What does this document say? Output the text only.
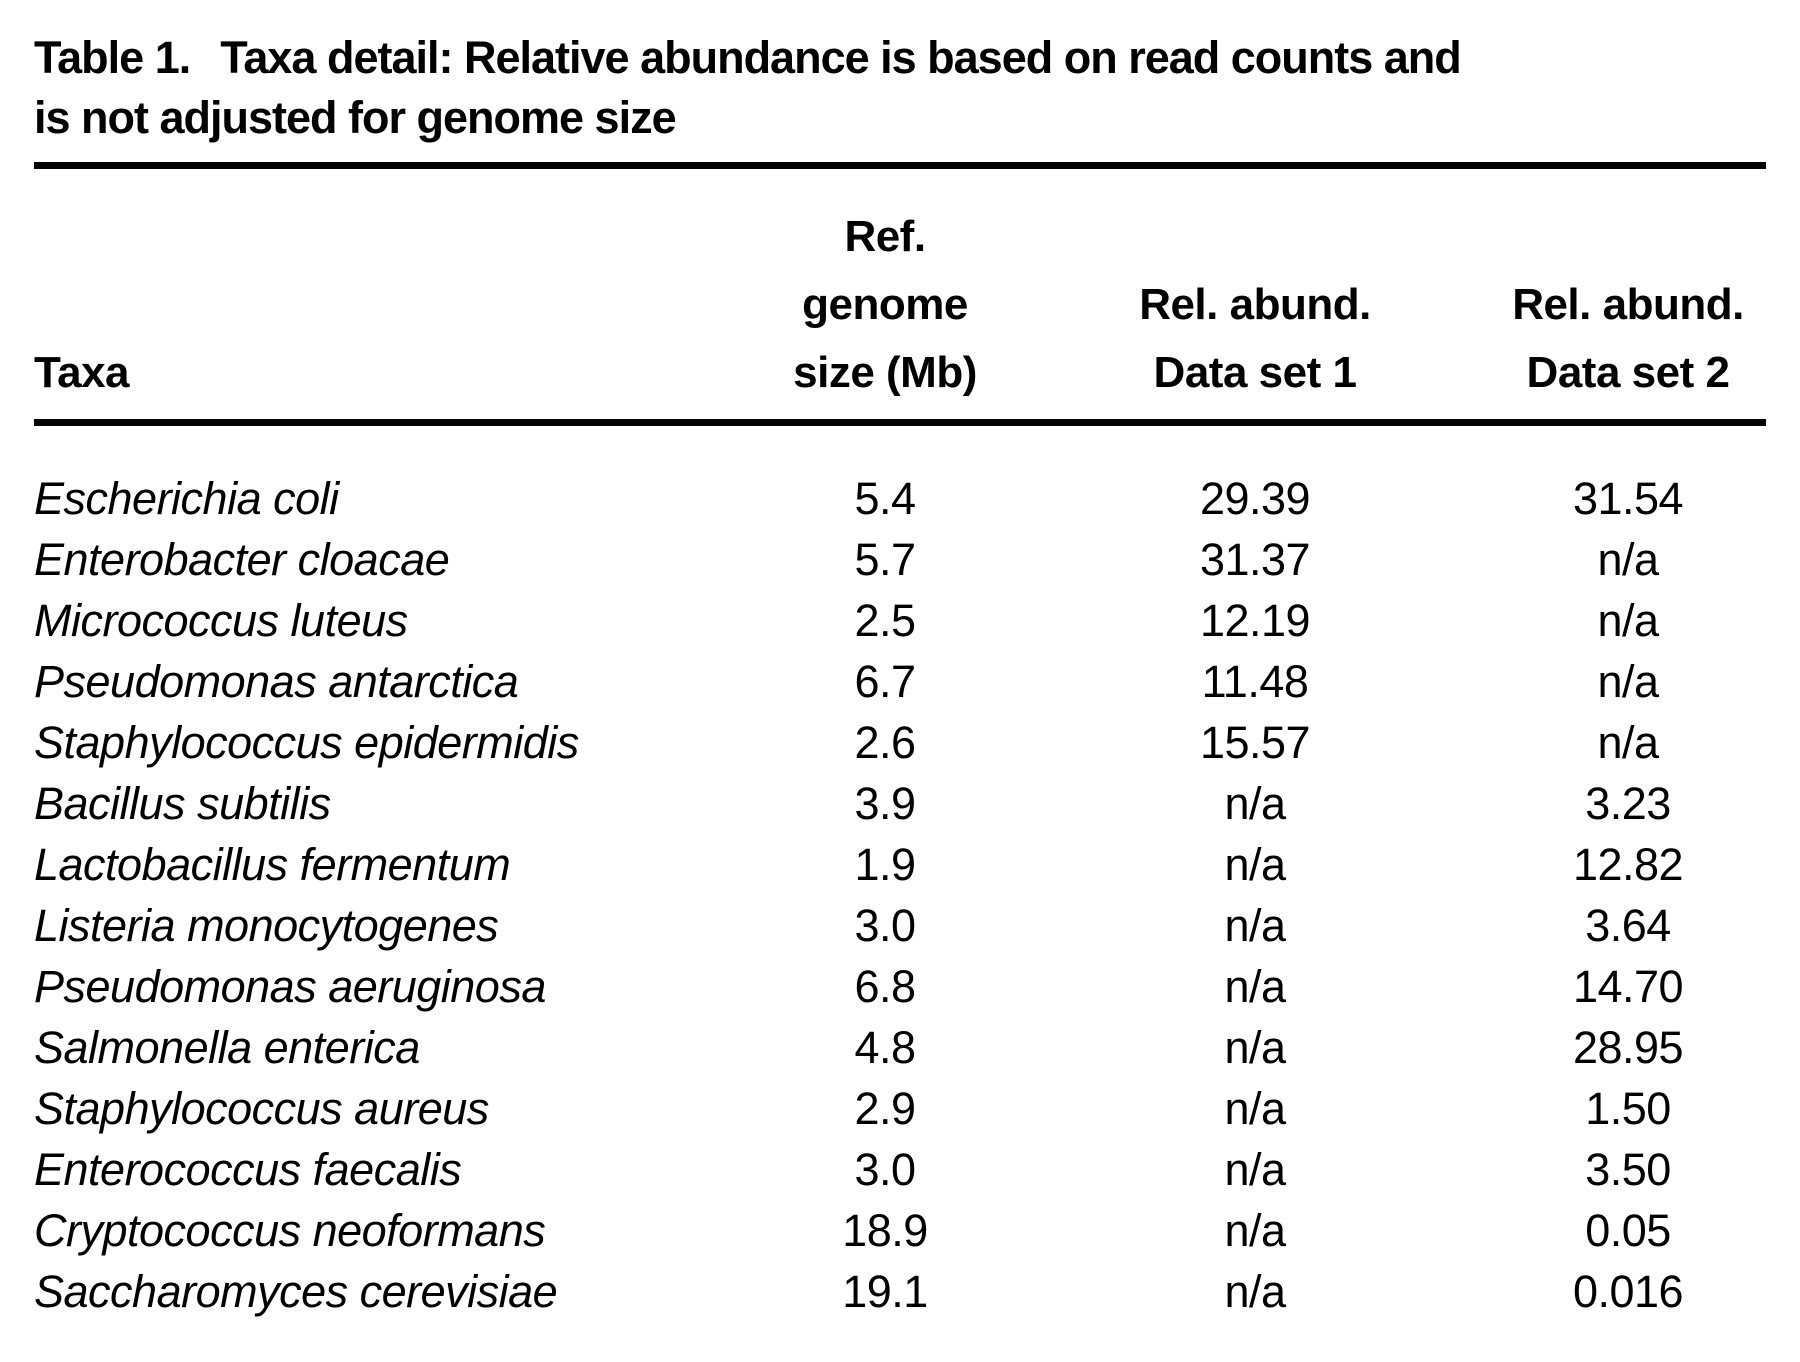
Table 1. Taxa detail: Relative abundance is based on read counts and
is not adjusted for genome size
Taxa

Ref.
genome
size (Mb)

Rel. abund.
Data set 1

Rel. abund.
Data set 2

Escherichia coli	5.4	29.39	31.54
Enterobacter cloacae	5.7	31.37	n/a
Micrococcus luteus	2.5	12.19	n/a
Pseudomonas antarctica	6.7	11.48	n/a
Staphylococcus epidermidis	2.6	15.57	n/a
Bacillus subtilis	3.9	n/a	3.23
Lactobacillus fermentum	1.9	n/a	12.82
Listeria monocytogenes	3.0	n/a	3.64
Pseudomonas aeruginosa	6.8	n/a	14.70
Salmonella enterica	4.8	n/a	28.95
Staphylococcus aureus	2.9	n/a	1.50
Enterococcus faecalis	3.0	n/a	3.50
Cryptococcus neoformans	18.9	n/a	0.05
Saccharomyces cerevisiae	19.1	n/a	0.016
